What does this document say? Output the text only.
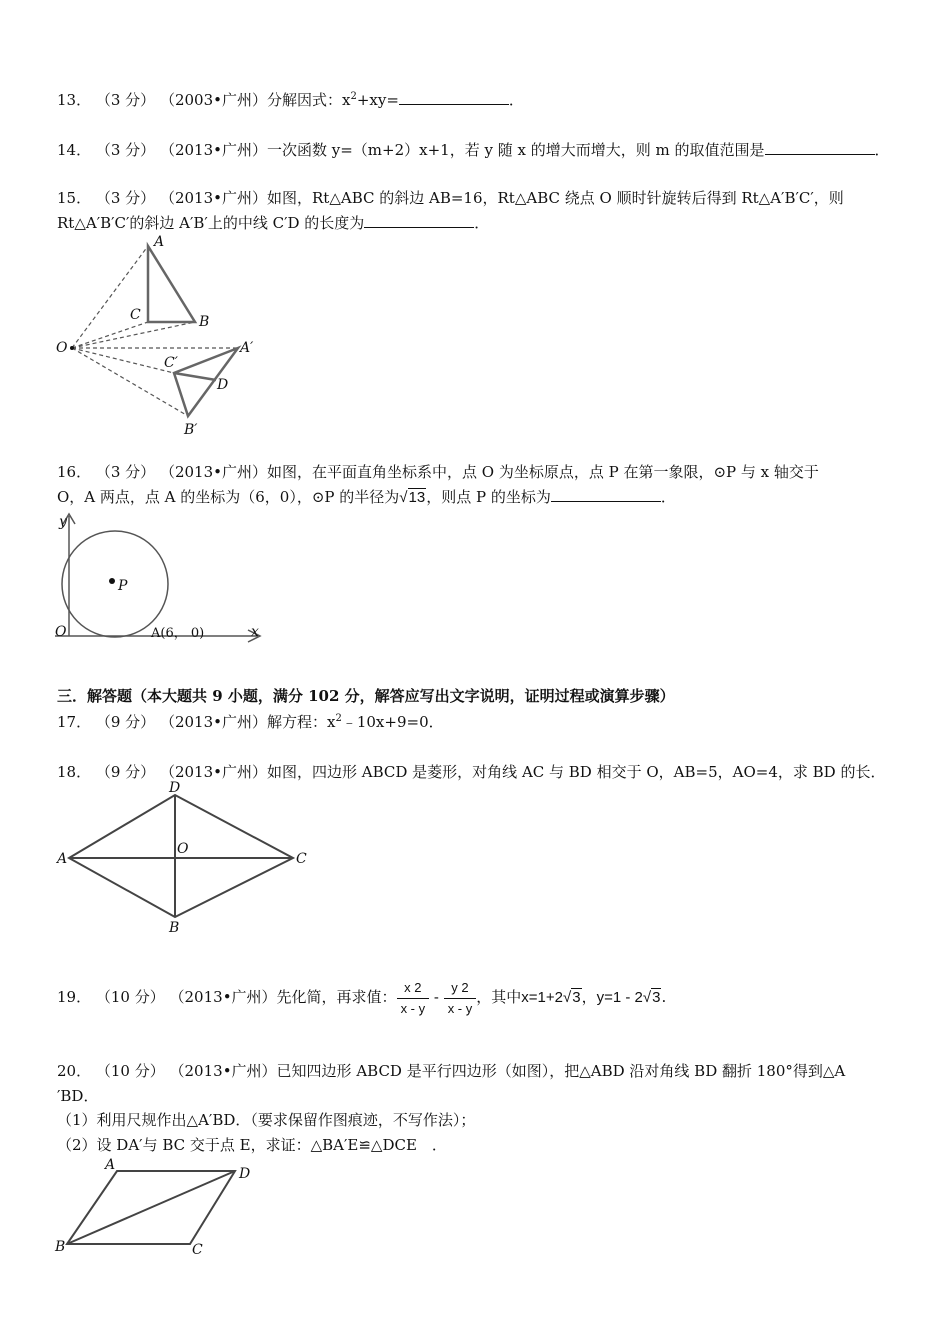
13． （3 分） （2003•广州）分解因式：$x^2+xy=$	．
14． （3 分） （2013•广州）一次函数 y=（m+2）x+1，若 y 随 x 的增大而增大，则 m 的取值范围是	．
15． （3 分） （2013•广州）如图，Rt△ABC 的斜边 AB=16，Rt△ABC 绕点 O 顺时针旋转后得到 Rt△A′B′C′，则
Rt△A′B′C′的斜边 A′B′上的中线 C′D 的长度为	．
A
C	B
O	A′
C′
D
B′
16． （3 分） （2013•广州）如图，在平面直角坐标系中，点 O 为坐标原点，点 P 在第一象限，⊙P 与 x 轴交于
O，A 两点，点 A 的坐标为（6，0），⊙P 的半径为√13，则点 P 的坐标为	．
y
x
O
P
A(6， 0)
三．解答题（本大题共 9 小题，满分 102 分，解答应写出文字说明，证明过程或演算步骤）
17． （9 分） （2013•广州）解方程：$x^2﹣10x+9=0$．
18． （9 分） （2013•广州）如图，四边形 ABCD 是菱形，对角线 AC 与 BD 相交于 O，AB=5，AO=4，求 BD 的长．
D
A	C
O
B
19． （10 分） （2013•广州）先化简，再求值： $\frac{x 2}{x - y} - \frac{y 2}{x - y}$ ，其中x=1+2√3，y=1 - 2√3.
20． （10 分） （2013•广州）已知四边形 ABCD 是平行四边形（如图），把△ABD 沿对角线 BD 翻折 180°得到△A
′BD．
（1）利用尺规作出△A′BD．（要求保留作图痕迹，不写作法）；
（2）设 DA′与 BC 交于点 E，求证：△BA′E≌△DCE　．
A
D
B	C
